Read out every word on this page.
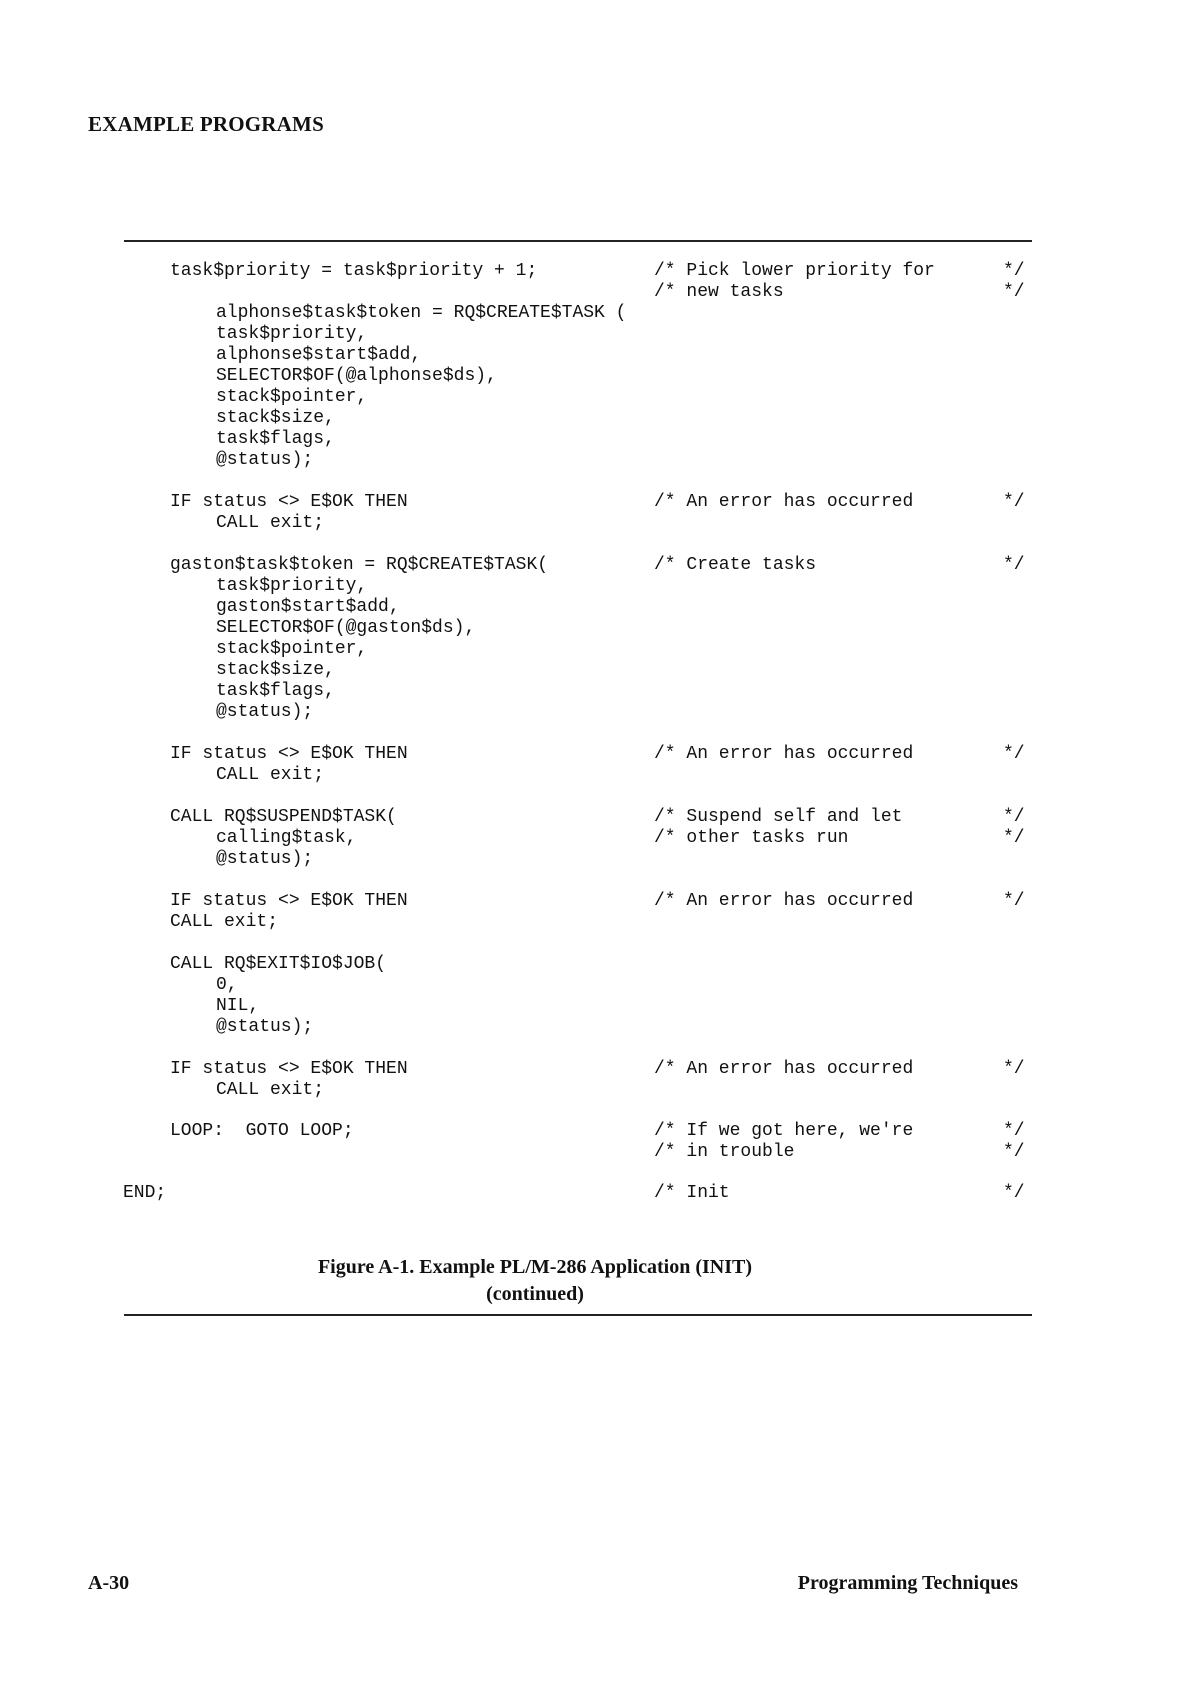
EXAMPLE PROGRAMS
task$priority = task$priority + 1;	/* Pick lower priority for	*/
/* new tasks	*/
alphonse$task$token = RQ$CREATE$TASK (
task$priority,
alphonse$start$add,
SELECTOR$OF(@alphonse$ds),
stack$pointer,
stack$size,
task$flags,
@status);
IF status <> E$OK THEN	/* An error has occurred	*/
CALL exit;
gaston$task$token = RQ$CREATE$TASK(	/* Create tasks	*/
task$priority,
gaston$start$add,
SELECTOR$OF(@gaston$ds),
stack$pointer,
stack$size,
task$flags,
@status);
IF status <> E$OK THEN	/* An error has occurred	*/
CALL exit;
CALL RQ$SUSPEND$TASK(	/* Suspend self and let	*/
calling$task,	/* other tasks run	*/
@status);
IF status <> E$OK THEN	/* An error has occurred	*/
CALL exit;
CALL RQ$EXIT$IO$JOB(
0,
NIL,
@status);
IF status <> E$OK THEN	/* An error has occurred	*/
CALL exit;
LOOP:  GOTO LOOP;	/* If we got here, we're	*/
/* in trouble	*/
END;	/* Init	*/
Figure A-1. Example PL/M-286 Application (INIT)
(continued)
A-30	Programming Techniques
